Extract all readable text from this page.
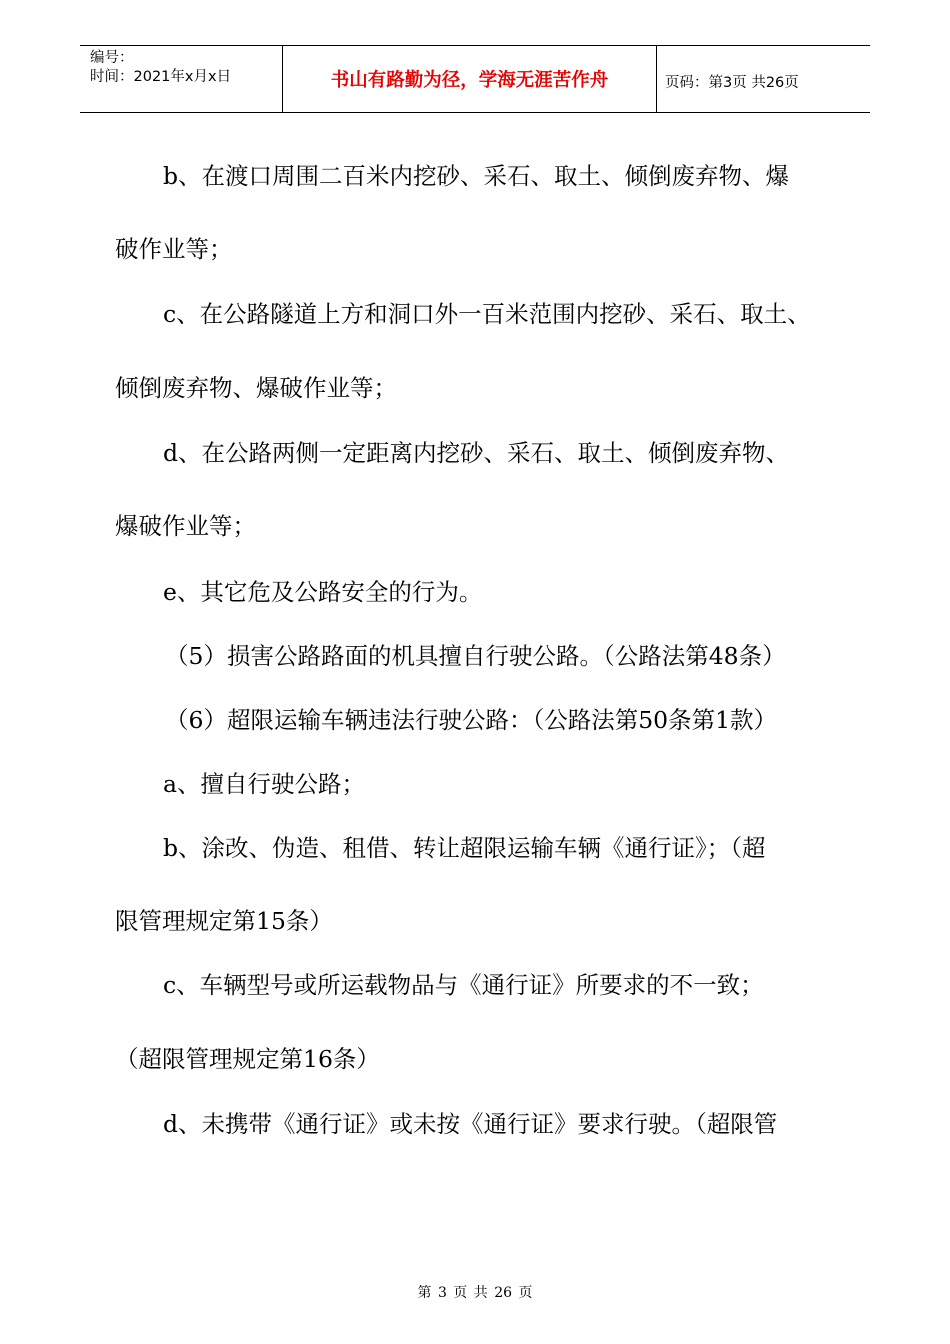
编号：
时间：2021年x月x日	书山有路勤为径，学海无涯苦作舟	页码：第3页 共26页
b、在渡口周围二百米内挖砂、采石、取土、倾倒废弃物、爆
破作业等；
c、在公路隧道上方和洞口外一百米范围内挖砂、采石、取土、
倾倒废弃物、爆破作业等；
d、在公路两侧一定距离内挖砂、采石、取土、倾倒废弃物、
爆破作业等；
e、其它危及公路安全的行为。
（5）损害公路路面的机具擅自行驶公路。（公路法第48条）
（6）超限运输车辆违法行驶公路：（公路法第50条第1款）
a、擅自行驶公路；
b、涂改、伪造、租借、转让超限运输车辆《通行证》；（超
限管理规定第15条）
c、车辆型号或所运载物品与《通行证》所要求的不一致；
（超限管理规定第16条）
d、未携带《通行证》或未按《通行证》要求行驶。（超限管
第 3 页 共 26 页
